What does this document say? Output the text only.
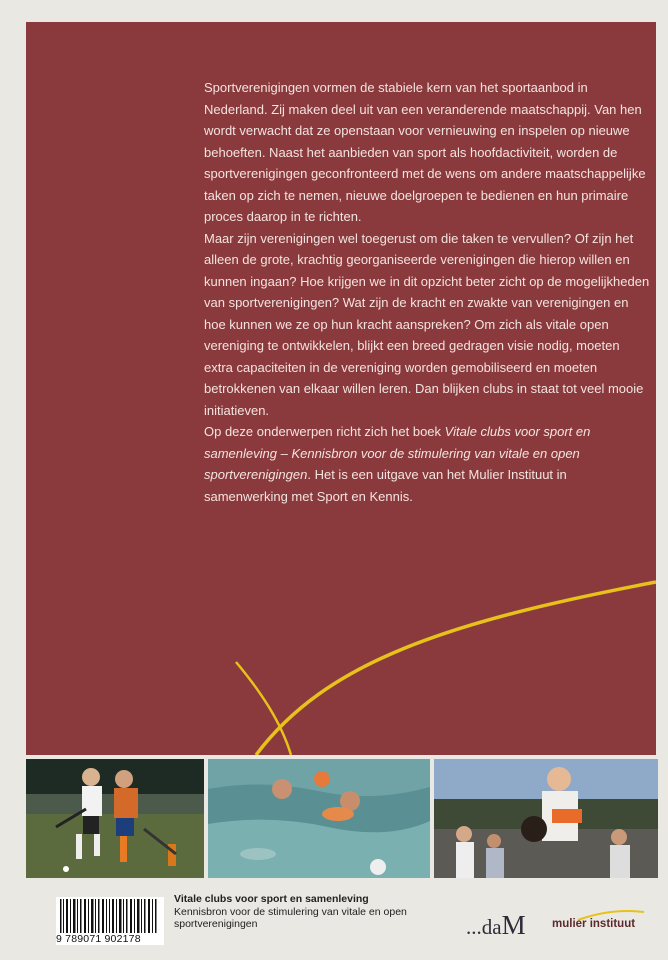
Sportverenigingen vormen de stabiele kern van het sportaanbod in Nederland. Zij maken deel uit van een veranderende maatschappij. Van hen wordt verwacht dat ze openstaan voor vernieuwing en inspelen op nieuwe behoeften. Naast het aanbieden van sport als hoofdactiviteit, worden de sportverenigingen geconfronteerd met de wens om andere maatschappelijke taken op zich te nemen, nieuwe doelgroepen te bedienen en hun primaire proces daarop in te richten.

Maar zijn verenigingen wel toegerust om die taken te vervullen? Of zijn het alleen de grote, krachtig georganiseerde verenigingen die hierop willen en kunnen ingaan? Hoe krijgen we in dit opzicht beter zicht op de mogelijkheden van sportverenigingen? Wat zijn de kracht en zwakte van verenigingen en hoe kunnen we ze op hun kracht aanspreken? Om zich als vitale open vereniging te ontwikkelen, blijkt een breed gedragen visie nodig, moeten extra capaciteiten in de vereniging worden gemobiliseerd en moeten betrokkenen van elkaar willen leren. Dan blijken clubs in staat tot veel mooie initiatieven.

Op deze onderwerpen richt zich het boek Vitale clubs voor sport en samenleving – Kennisbron voor de stimulering van vitale en open sportverenigingen. Het is een uitgave van het Mulier Instituut in samenwerking met Sport en Kennis.

9 789071 902178
Vitale clubs voor sport en samenleving
Kennisbron voor de stimulering van vitale en open sportverenigingen	...daM mulier instituut
